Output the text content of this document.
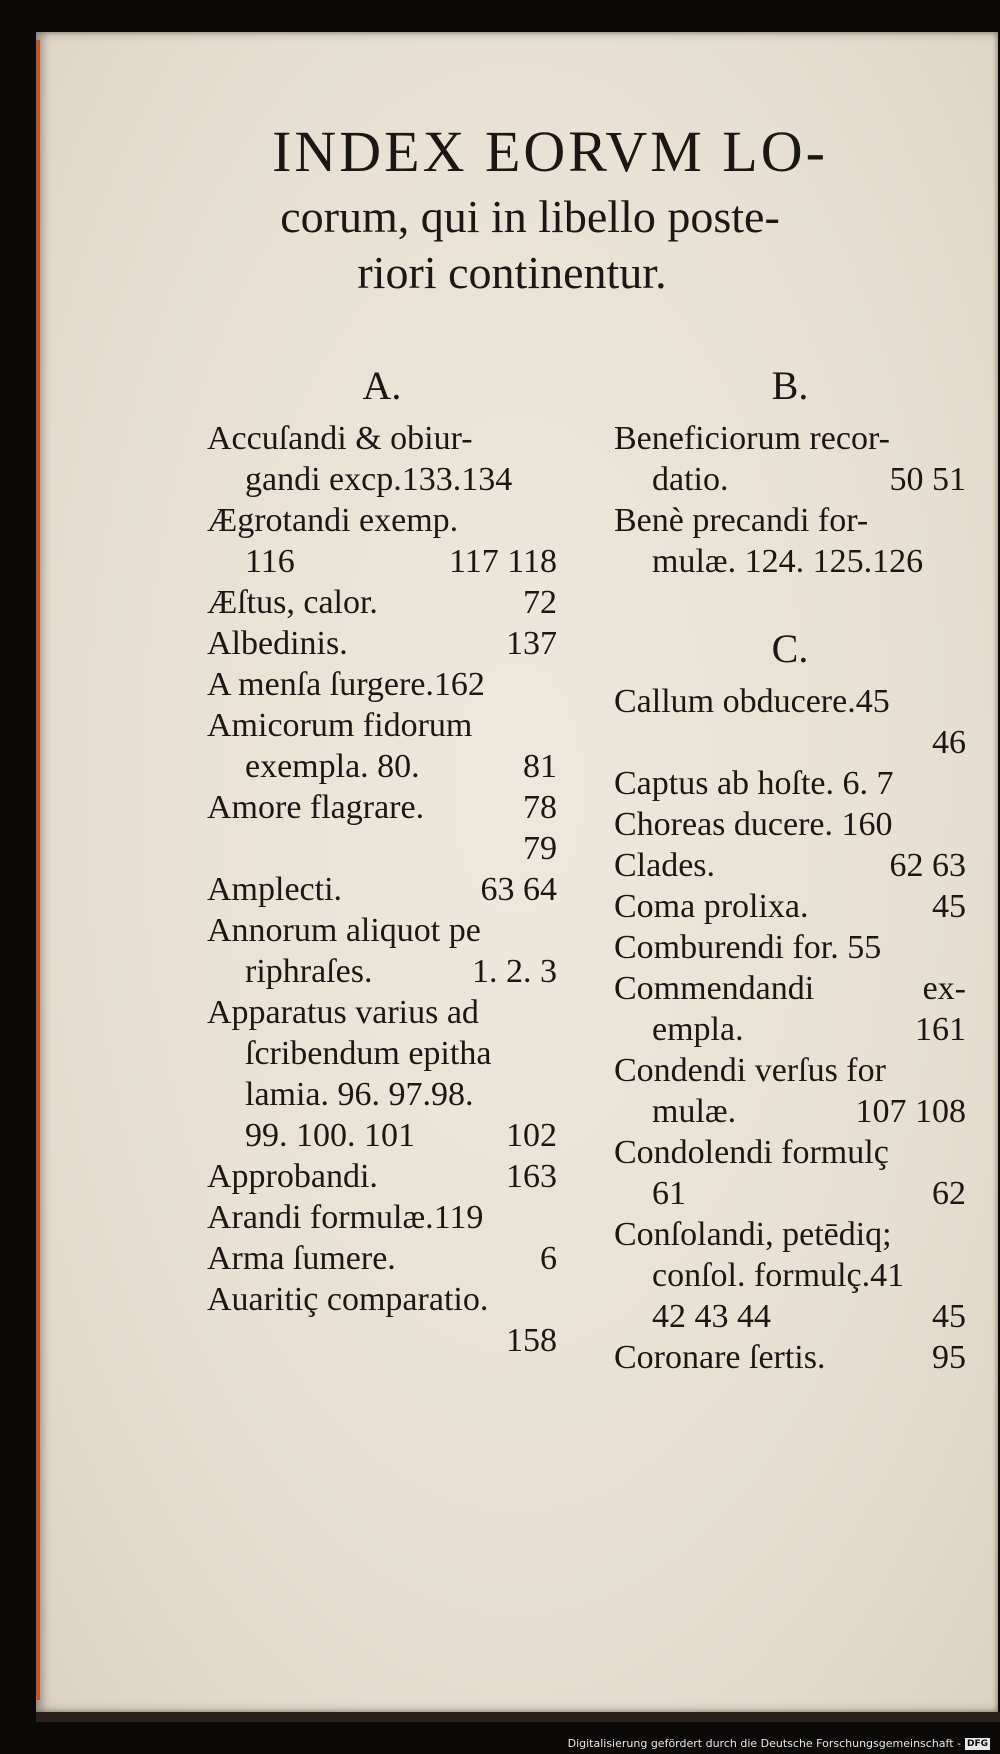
INDEX EORVM LO-
corum, qui in libello poste-
riori continentur.
A.
Accuſandi & obiur-
gandi excp.133.134
Ægrotandi exemp.
116	117 118
Æſtus, calor.	72
Albedinis.	137
A menſa ſurgere.162
Amicorum fidorum
exempla. 80.	81
Amore flagrare.	78
79
Amplecti.	63 64
Annorum aliquot pe
riphraſes.	1. 2. 3
Apparatus varius ad
ſcribendum epitha
lamia. 96. 97.98.
99. 100. 101	102
Approbandi.	163
Arandi formulæ.119
Arma ſumere.	6
Auaritiç comparatio.
158
B.
Beneficiorum recor-
datio.	50 51
Benè precandi for-
mulæ. 124. 125.126
C.
Callum obducere.45
46
Captus ab hoſte. 6. 7
Choreas ducere. 160
Clades.	62 63
Coma prolixa.	45
Comburendi for. 55
Commendandi	ex-
empla.	161
Condendi verſus for
mulæ.	107 108
Condolendi formulç
61	62
Conſolandi, petēdiq;
conſol. formulç.41
42 43 44	45
Coronare ſertis.	95
Digitalisierung gefördert durch die Deutsche Forschungsgemeinschaft - DFG
